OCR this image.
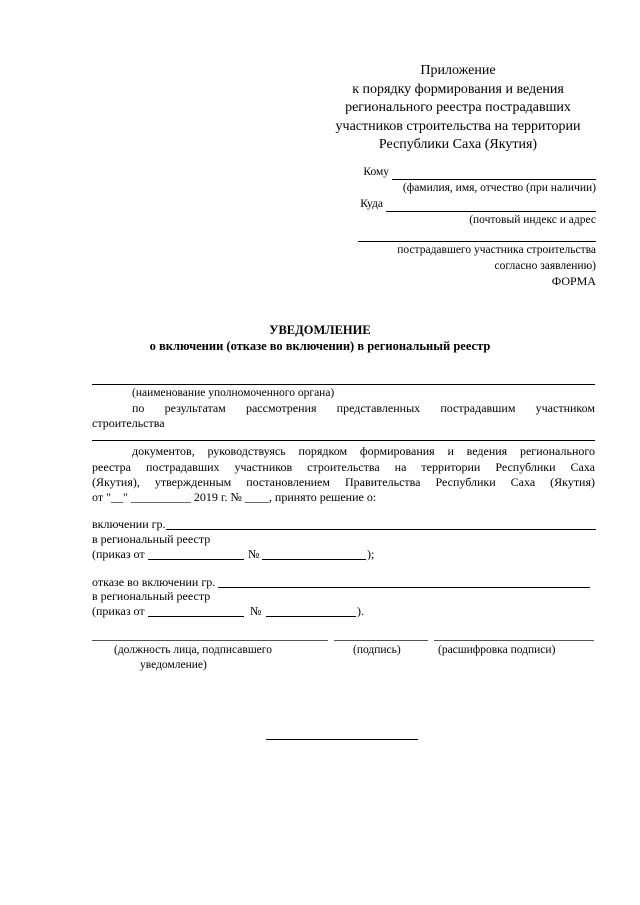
Приложение
к порядку формирования и ведения
регионального реестра пострадавших
участников строительства на территории
Республики Саха (Якутия)
Кому
(фамилия, имя, отчество (при наличии)
Куда
(почтовый индекс и адрес
пострадавшего участника строительства
согласно заявлению)
ФОРМА
УВЕДОМЛЕНИЕ
о включении (отказе во включении) в региональный реестр
(наименование уполномоченного органа)
по результатам рассмотрения представленных пострадавшим участником
строительства
документов, руководствуясь порядком формирования и ведения регионального
реестра пострадавших участников строительства на территории Республики Саха
(Якутия), утвержденным постановлением Правительства Республики Саха (Якутия)
от "__" __________ 2019 г. № ____, принято решение о:
включении гр.
в региональный реестр
(приказ от	№	);
отказе во включении гр.
в региональный реестр
(приказ от	№	).
(должность лица, подписавшего
уведомление)
(подпись)	(расшифровка подписи)
